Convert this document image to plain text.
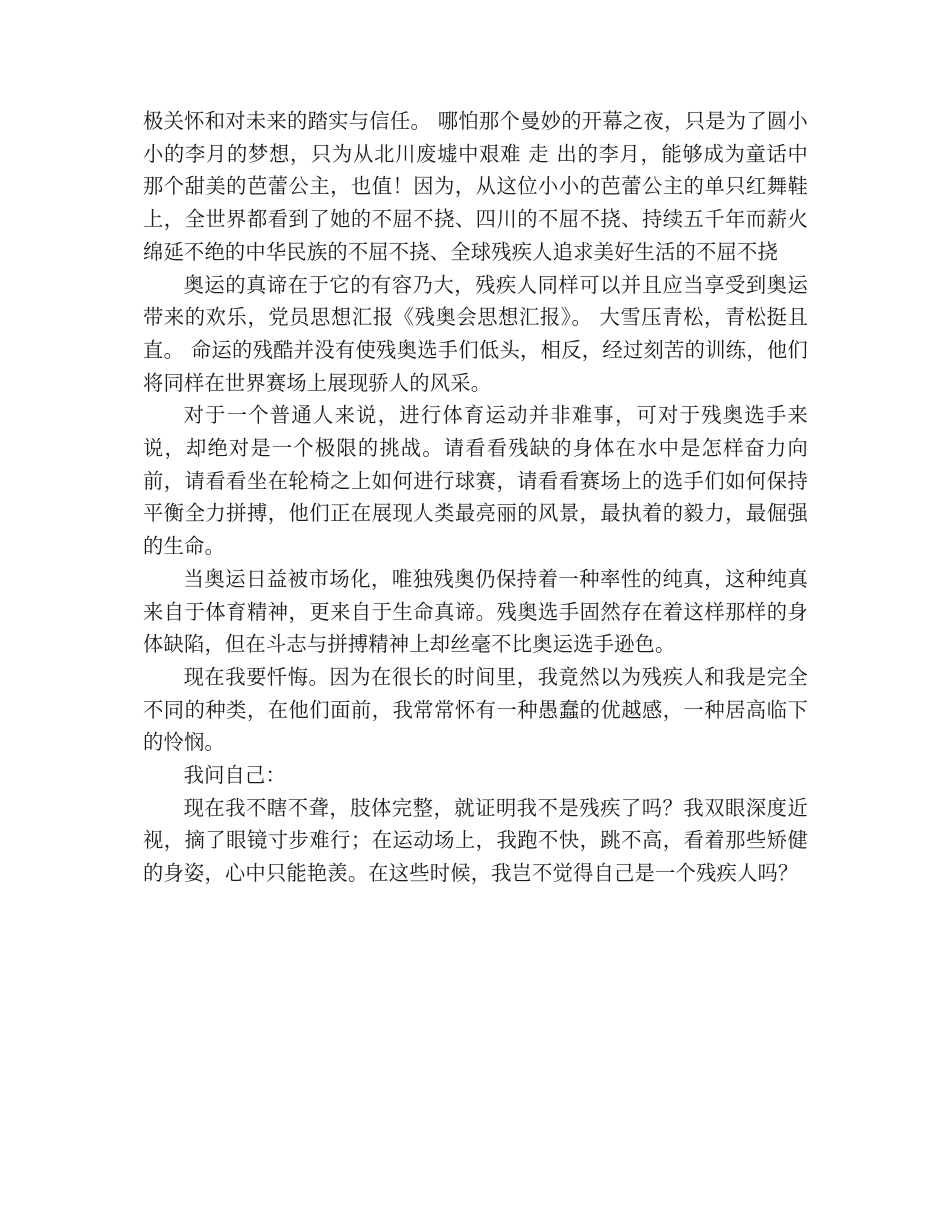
极关怀和对未来的踏实与信任。 哪怕那个曼妙的开幕之夜，只是为了圆小小的李月的梦想，只为从北川废墟中艰难 走 出的李月，能够成为童话中那个甜美的芭蕾公主，也值！因为，从这位小小的芭蕾公主的单只红舞鞋上，全世界都看到了她的不屈不挠、四川的不屈不挠、持续五千年而薪火绵延不绝的中华民族的不屈不挠、全球残疾人追求美好生活的不屈不挠

奥运的真谛在于它的有容乃大，残疾人同样可以并且应当享受到奥运带来的欢乐，党员思想汇报《残奥会思想汇报》。 大雪压青松，青松挺且直。 命运的残酷并没有使残奥选手们低头，相反，经过刻苦的训练，他们将同样在世界赛场上展现骄人的风采。

对于一个普通人来说，进行体育运动并非难事，可对于残奥选手来说，却绝对是一个极限的挑战。请看看残缺的身体在水中是怎样奋力向前，请看看坐在轮椅之上如何进行球赛，请看看赛场上的选手们如何保持平衡全力拼搏，他们正在展现人类最亮丽的风景，最执着的毅力，最倔强的生命。

当奥运日益被市场化，唯独残奥仍保持着一种率性的纯真，这种纯真来自于体育精神，更来自于生命真谛。残奥选手固然存在着这样那样的身体缺陷，但在斗志与拼搏精神上却丝毫不比奥运选手逊色。

现在我要忏悔。因为在很长的时间里，我竟然以为残疾人和我是完全不同的种类，在他们面前，我常常怀有一种愚蠢的优越感，一种居高临下的怜悯。

我问自己：

现在我不瞎不聋，肢体完整，就证明我不是残疾了吗？我双眼深度近视，摘了眼镜寸步难行；在运动场上，我跑不快，跳不高，看着那些矫健的身姿，心中只能艳羡。在这些时候，我岂不觉得自己是一个残疾人吗？
